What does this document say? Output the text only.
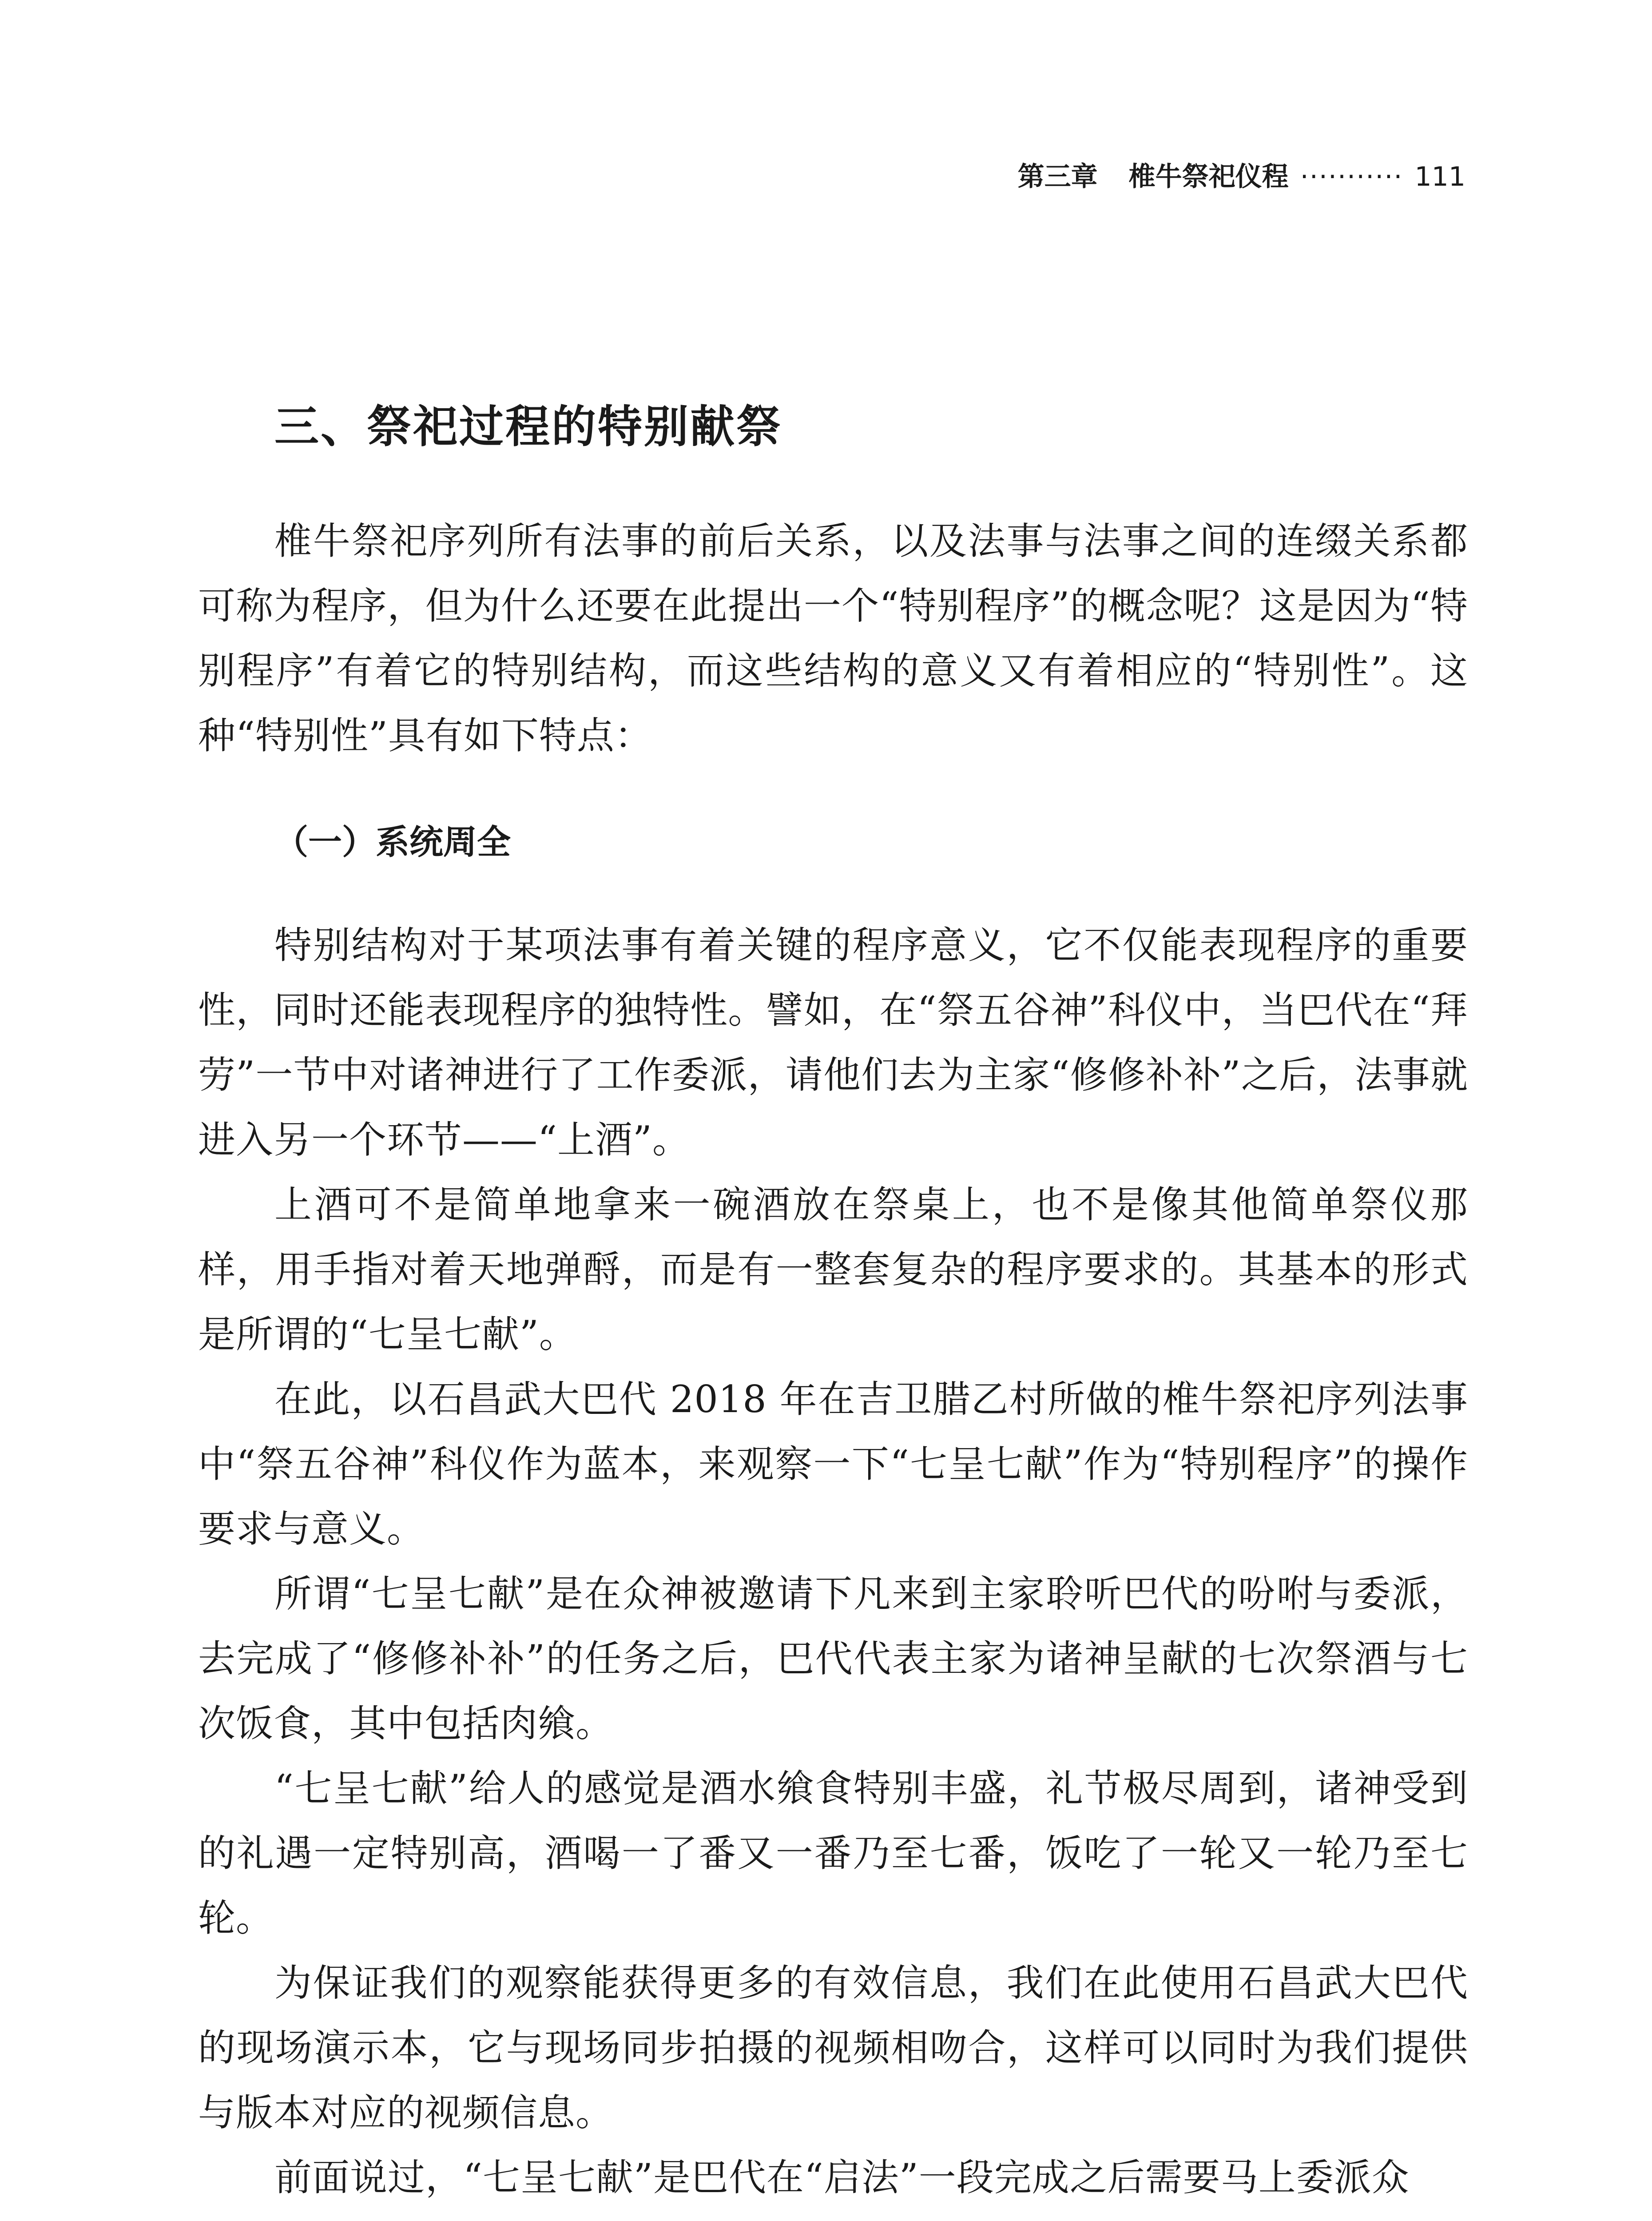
第三章 椎牛祭祀仪程 ··········· 111
三、祭祀过程的特别献祭

椎牛祭祀序列所有法事的前后关系，以及法事与法事之间的连缀关系都可称为程序，但为什么还要在此提出一个“特别程序”的概念呢？这是因为“特别程序”有着它的特别结构，而这些结构的意义又有着相应的“特别性”。这种“特别性”具有如下特点：

（一）系统周全

特别结构对于某项法事有着关键的程序意义，它不仅能表现程序的重要性，同时还能表现程序的独特性。譬如，在“祭五谷神”科仪中，当巴代在“拜劳”一节中对诸神进行了工作委派，请他们去为主家“修修补补”之后，法事就进入另一个环节——“上酒”。

上酒可不是简单地拿来一碗酒放在祭桌上，也不是像其他简单祭仪那样，用手指对着天地弹酹，而是有一整套复杂的程序要求的。其基本的形式是所谓的“七呈七献”。

在此，以石昌武大巴代 2018 年在吉卫腊乙村所做的椎牛祭祀序列法事中“祭五谷神”科仪作为蓝本，来观察一下“七呈七献”作为“特别程序”的操作要求与意义。

所谓“七呈七献”是在众神被邀请下凡来到主家聆听巴代的吩咐与委派，去完成了“修修补补”的任务之后，巴代代表主家为诸神呈献的七次祭酒与七次饭食，其中包括肉飨。

“七呈七献”给人的感觉是酒水飨食特别丰盛，礼节极尽周到，诸神受到的礼遇一定特别高，酒喝一了番又一番乃至七番，饭吃了一轮又一轮乃至七轮。

为保证我们的观察能获得更多的有效信息，我们在此使用石昌武大巴代的现场演示本，它与现场同步拍摄的视频相吻合，这样可以同时为我们提供与版本对应的视频信息。

前面说过，“七呈七献”是巴代在“启法”一段完成之后需要马上委派众
